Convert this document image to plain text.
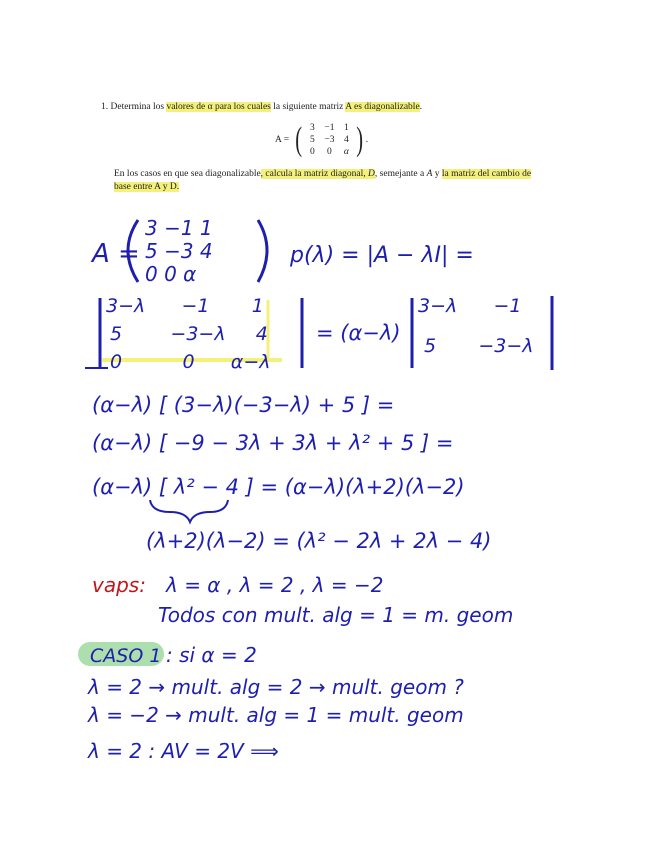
1. Determina los valores de α para los cuales la siguiente matriz A es diagonalizable.
A = ( 3	−1	1
5	−3	4
0	0	α ) .
En los casos en que sea diagonalizable, calcula la matriz diagonal, D, semejante a A y la matriz del cambio de base entre A y D.
A =
3 −1 1
5 −3 4
0 0 α
p(λ) = |A − λI| =
3−λ      −1       1
5        −3−λ     4
0          0      α−λ
= (α−λ)
3−λ      −1
5       −3−λ
(α−λ) [ (3−λ)(−3−λ) + 5 ] =
(α−λ) [ −9 − 3λ + 3λ + λ² + 5 ] =
(α−λ) [ λ² − 4 ] = (α−λ)(λ+2)(λ−2)
(λ+2)(λ−2) = (λ² − 2λ + 2λ − 4)
vaps: λ = α , λ = 2 , λ = −2
Todos con mult. alg = 1 = m. geom
CASO 1 : si α = 2
λ = 2 → mult. alg = 2 → mult. geom ?
λ = −2 → mult. alg = 1 = mult. geom
λ = 2 : AV = 2V ⟹
